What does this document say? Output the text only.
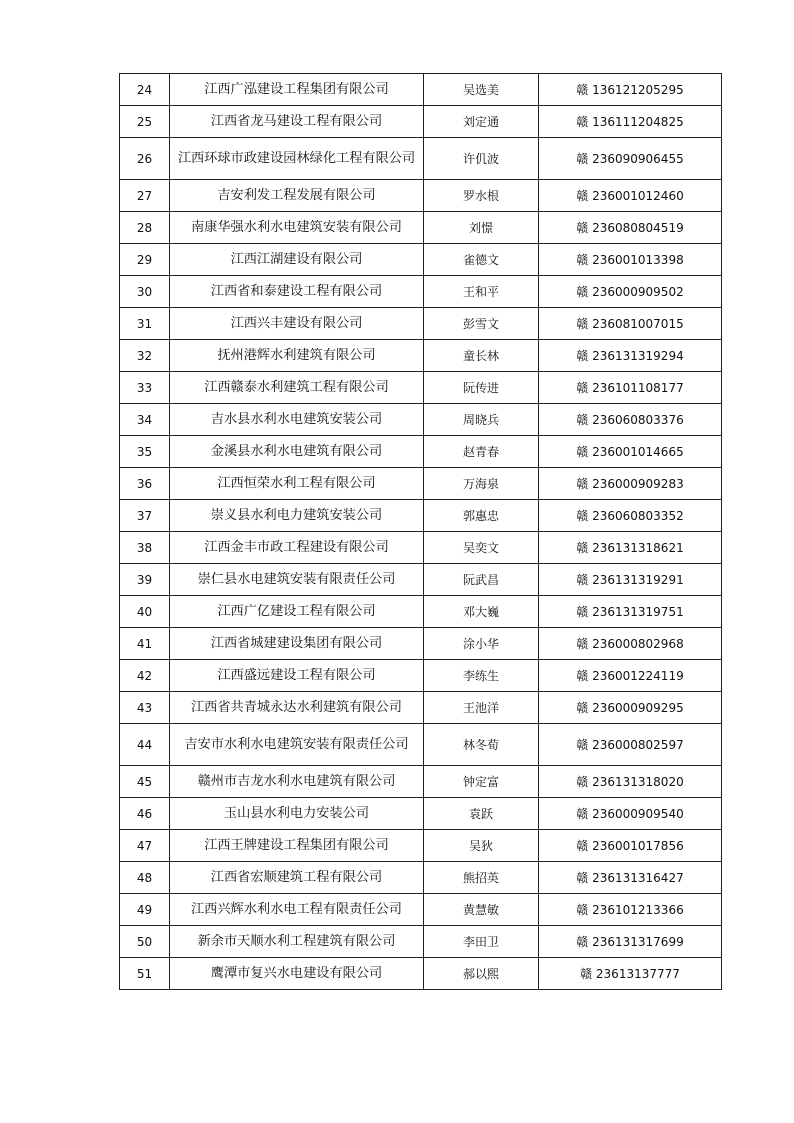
24	江西广泓建设工程集团有限公司	吴选美	赣 136121205295
25	江西省龙马建设工程有限公司	刘定通	赣 136111204825
26	江西环球市政建设园林绿化工程有限公司	许仉波	赣 236090906455
27	吉安利发工程发展有限公司	罗水根	赣 236001012460
28	南康华强水利水电建筑安装有限公司	刘憬	赣 236080804519
29	江西江湖建设有限公司	雀德文	赣 236001013398
30	江西省和泰建设工程有限公司	王和平	赣 236000909502
31	江西兴丰建设有限公司	彭雪文	赣 236081007015
32	抚州港辉水利建筑有限公司	童长林	赣 236131319294
33	江西赣泰水利建筑工程有限公司	阮传进	赣 236101108177
34	吉水县水利水电建筑安装公司	周晓兵	赣 236060803376
35	金溪县水利水电建筑有限公司	赵青春	赣 236001014665
36	江西恒荣水利工程有限公司	万海泉	赣 236000909283
37	崇义县水利电力建筑安装公司	郭惠忠	赣 236060803352
38	江西金丰市政工程建设有限公司	吴奕文	赣 236131318621
39	崇仁县水电建筑安装有限责任公司	阮武昌	赣 236131319291
40	江西广亿建设工程有限公司	邓大巍	赣 236131319751
41	江西省城建建设集团有限公司	涂小华	赣 236000802968
42	江西盛远建设工程有限公司	李练生	赣 236001224119
43	江西省共青城永达水利建筑有限公司	王池洋	赣 236000909295
44	吉安市水利水电建筑安装有限责任公司	林冬荀	赣 236000802597
45	赣州市吉龙水利水电建筑有限公司	钟定富	赣 236131318020
46	玉山县水利电力安装公司	袁跃	赣 236000909540
47	江西王牌建设工程集团有限公司	吴狄	赣 236001017856
48	江西省宏顺建筑工程有限公司	熊招英	赣 236131316427
49	江西兴辉水利水电工程有限责任公司	黄慧敏	赣 236101213366
50	新余市天顺水利工程建筑有限公司	李田卫	赣 236131317699
51	鹰潭市复兴水电建设有限公司	郝以熙	赣 23613137777
